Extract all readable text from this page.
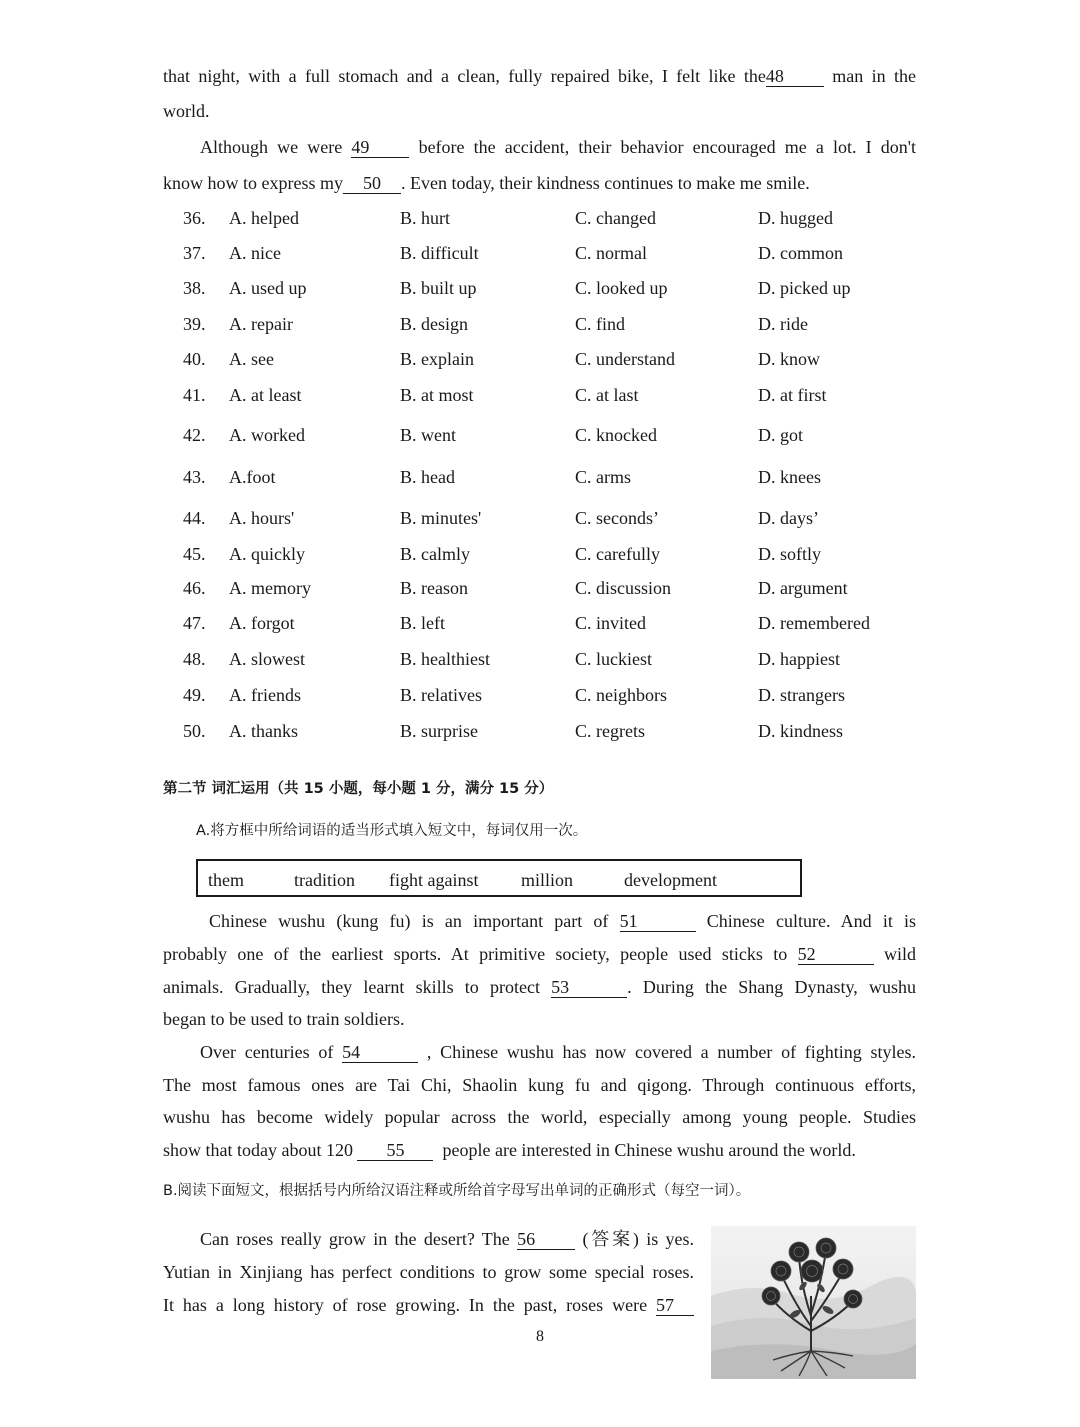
that night, with a full stomach and a clean, fully repaired bike, I felt like the48	man in the
world.
Although we were 49	before the accident, their behavior encouraged me a lot. I don't
know how to express my 50 . Even today, their kindness continues to make me smile.
36. A. helped	B. hurt	C. changed	D. hugged
37. A. nice	B. difficult	C. normal	D. common
38. A. used up	B. built up	C. looked up	D. picked up
39. A. repair	B. design	C. find	D. ride
40. A. see	B. explain	C. understand	D. know
41. A. at least	B. at most	C. at last	D. at first
42. A. worked	B. went	C. knocked	D. got
43. A.foot	B. head	C. arms	D. knees
44. A. hours'	B. minutes'	C. seconds’	D. days’
45. A. quickly	B. calmly	C. carefully	D. softly
46. A. memory	B. reason	C. discussion	D. argument
47. A. forgot	B. left	C. invited	D. remembered
48. A. slowest	B. healthiest	C. luckiest	D. happiest
49. A. friends	B. relatives	C. neighbors	D. strangers
50. A. thanks	B. surprise	C. regrets	D. kindness
第二节 词汇运用（共 15 小题，每小题 1 分，满分 15 分）
A.将方框中所给词语的适当形式填入短文中，每词仅用一次。
them	tradition fight against million	development
Chinese wushu (kung fu) is an important part of 51	Chinese culture. And it is
probably one of the earliest sports. At primitive society, people used sticks to 52	wild
animals. Gradually, they learnt skills to protect 53	. During the Shang Dynasty, wushu
began to be used to train soldiers.
Over centuries of 54	, Chinese wushu has now covered a number of fighting styles.
The most famous ones are Tai Chi, Shaolin kung fu and qigong. Through continuous efforts,
wushu has become widely popular across the world, especially among young people. Studies
show that today about 120 55 people are interested in Chinese wushu around the world.
B.阅读下面短文，根据括号内所给汉语注释或所给首字母写出单词的正确形式（每空一词）。
Can roses really grow in the desert? The 56	(答案) is yes.
Yutian in Xinjiang has perfect conditions to grow some special roses.
It has a long history of rose growing. In the past, roses were 57
8
